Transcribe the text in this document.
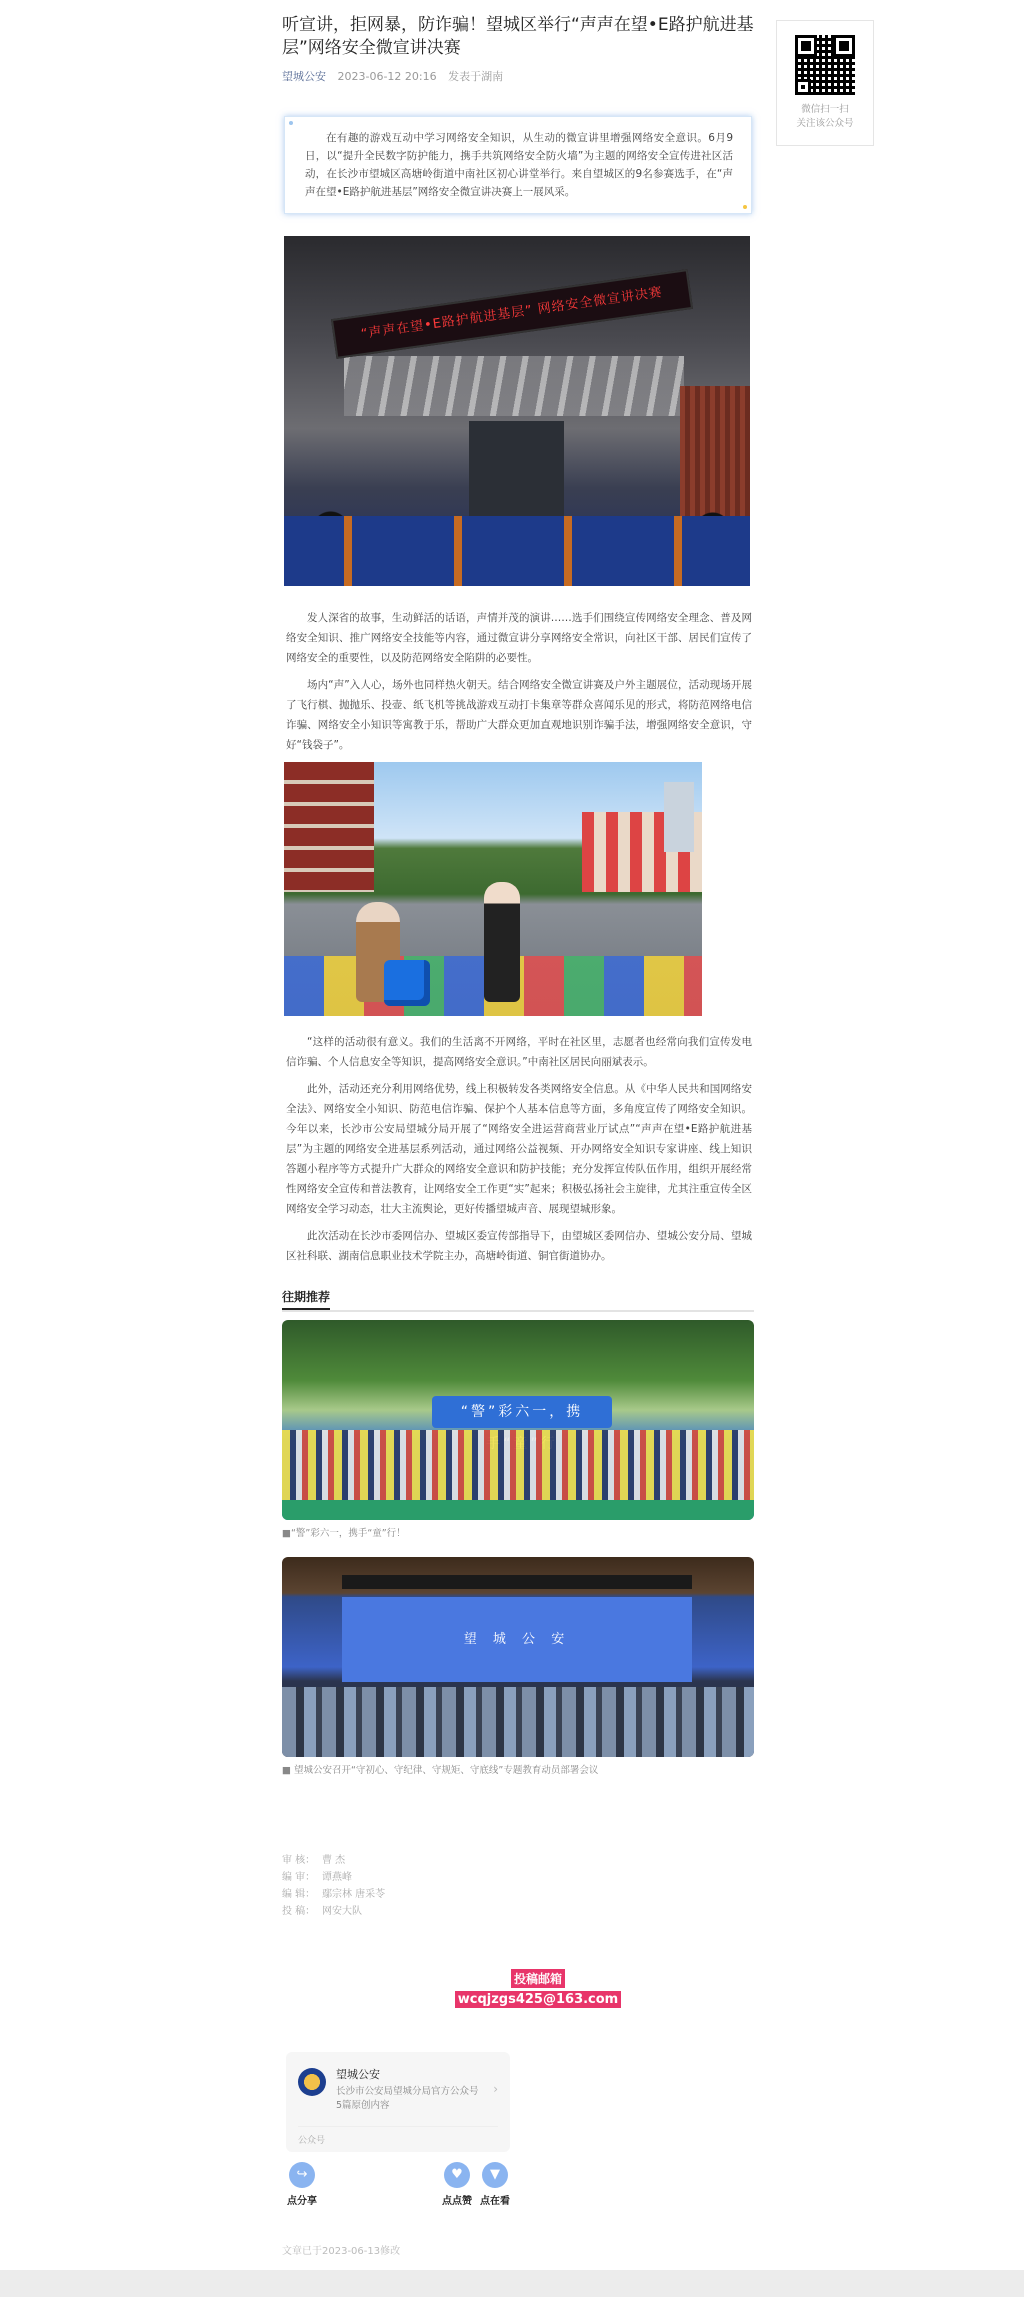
听宣讲，拒网暴，防诈骗！望城区举行“声声在望•E路护航进基层”网络安全微宣讲决赛
望城公安 2023-06-12 20:16 发表于湖南

在有趣的游戏互动中学习网络安全知识，从生动的微宣讲里增强网络安全意识。6月9日，以“提升全民数字防护能力，携手共筑网络安全防火墙”为主题的网络安全宣传进社区活动，在长沙市望城区高塘岭街道中南社区初心讲堂举行。来自望城区的9名参赛选手，在“声声在望•E路护航进基层”网络安全微宣讲决赛上一展风采。

“声声在望•E路护航进基层” 网络安全微宣讲决赛

发人深省的故事，生动鲜活的话语，声情并茂的演讲……选手们围绕宣传网络安全理念、普及网络安全知识、推广网络安全技能等内容，通过微宣讲分享网络安全常识，向社区干部、居民们宣传了网络安全的重要性，以及防范网络安全陷阱的必要性。

场内“声”入人心，场外也同样热火朝天。结合网络安全微宣讲赛及户外主题展位，活动现场开展了飞行棋、抛抛乐、投壶、纸飞机等挑战游戏互动打卡集章等群众喜闻乐见的形式，将防范网络电信诈骗、网络安全小知识等寓教于乐，帮助广大群众更加直观地识别诈骗手法，增强网络安全意识，守好“钱袋子”。

“这样的活动很有意义。我们的生活离不开网络，平时在社区里，志愿者也经常向我们宣传发电信诈骗、个人信息安全等知识，提高网络安全意识。”中南社区居民向丽斌表示。

此外，活动还充分利用网络优势，线上积极转发各类网络安全信息。从《中华人民共和国网络安全法》、网络安全小知识、防范电信诈骗、保护个人基本信息等方面，多角度宣传了网络安全知识。今年以来，长沙市公安局望城分局开展了“网络安全进运营商营业厅试点”“声声在望•E路护航进基层”为主题的网络安全进基层系列活动，通过网络公益视频、开办网络安全知识专家讲座、线上知识答题小程序等方式提升广大群众的网络安全意识和防护技能；充分发挥宣传队伍作用，组织开展经常性网络安全宣传和普法教育，让网络安全工作更“实”起来；积极弘扬社会主旋律，尤其注重宣传全区网络安全学习动态，壮大主流舆论，更好传播望城声音、展现望城形象。

此次活动在长沙市委网信办、望城区委宣传部指导下，由望城区委网信办、望城公安分局、望城区社科联、湖南信息职业技术学院主办，高塘岭街道、铜官街道协办。

往期推荐
“警”彩六一，携
■“警”彩六一，携手“童”行！
望 城 公 安
■ 望城公安召开“守初心、守纪律、守规矩、守底线”专题教育动员部署会议
审 核： 曹 杰
编 审： 谭燕峰
编 辑： 鄢宗林 唐采苓
投 稿： 网安大队
投稿邮箱
wcqjzgs425@163.com
望城公安
长沙市公安局望城分局官方公众号
5篇原创内容
›
公众号
↪
点分享
♥
点点赞
▼
点在看
文章已于2023-06-13修改
微信扫一扫
关注该公众号
